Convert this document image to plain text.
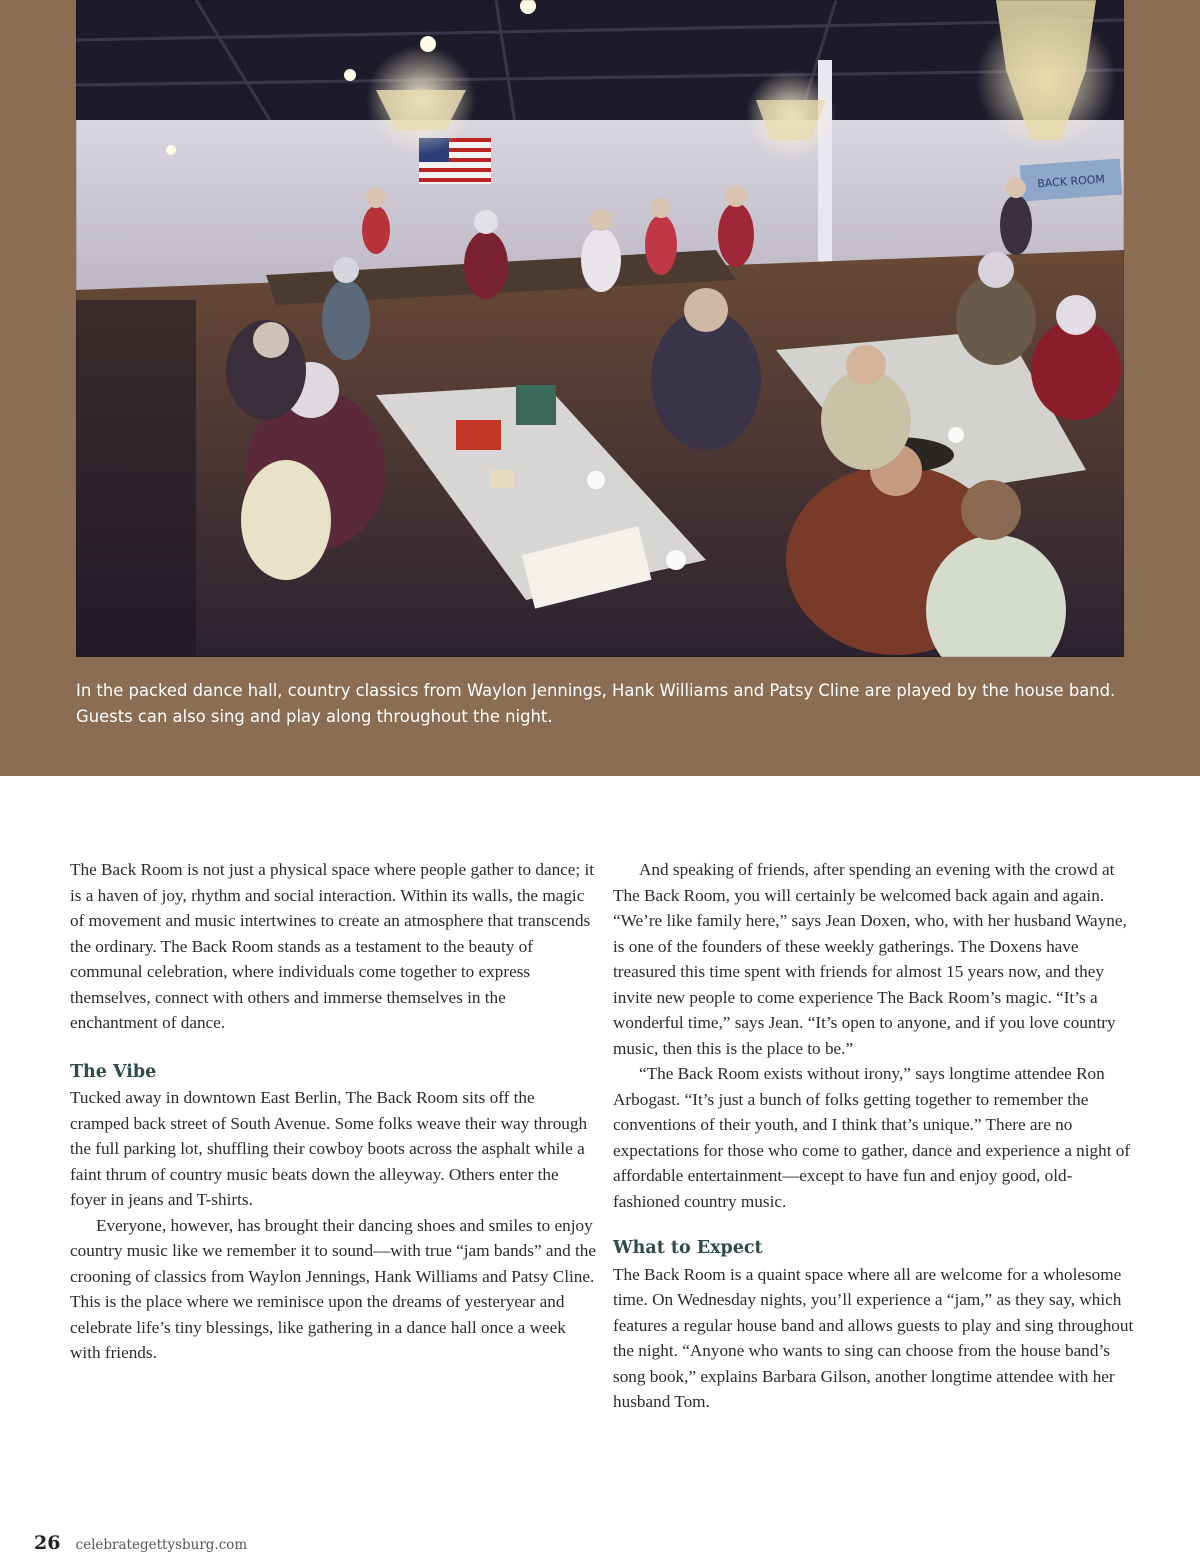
BACK ROOM

In the packed dance hall, country classics from Waylon Jennings, Hank Williams and Patsy Cline are played by the house band. Guests can also sing and play along throughout the night.

The Back Room is not just a physical space where people gather to dance; it is a haven of joy, rhythm and social interaction. Within its walls, the magic of movement and music intertwines to create an atmosphere that transcends the ordinary. The Back Room stands as a testament to the beauty of communal celebration, where individuals come together to express themselves, connect with others and immerse themselves in the enchantment of dance.

The Vibe

Tucked away in downtown East Berlin, The Back Room sits off the cramped back street of South Avenue. Some folks weave their way through the full parking lot, shuffling their cowboy boots across the asphalt while a faint thrum of country music beats down the alleyway. Others enter the foyer in jeans and T-shirts.

Everyone, however, has brought their dancing shoes and smiles to enjoy country music like we remember it to sound—with true “jam bands” and the crooning of classics from Waylon Jennings, Hank Williams and Patsy Cline. This is the place where we reminisce upon the dreams of yesteryear and celebrate life’s tiny blessings, like gathering in a dance hall once a week with friends.

And speaking of friends, after spending an evening with the crowd at The Back Room, you will certainly be welcomed back again and again. “We’re like family here,” says Jean Doxen, who, with her husband Wayne, is one of the founders of these weekly gatherings. The Doxens have treasured this time spent with friends for almost 15 years now, and they invite new people to come experience The Back Room’s magic. “It’s a wonderful time,” says Jean. “It’s open to anyone, and if you love country music, then this is the place to be.”

“The Back Room exists without irony,” says longtime attendee Ron Arbogast. “It’s just a bunch of folks getting together to remember the conventions of their youth, and I think that’s unique.” There are no expectations for those who come to gather, dance and experience a night of affordable entertainment—except to have fun and enjoy good, old-fashioned country music.

What to Expect

The Back Room is a quaint space where all are welcome for a wholesome time. On Wednesday nights, you’ll experience a “jam,” as they say, which features a regular house band and allows guests to play and sing throughout the night. “Anyone who wants to sing can choose from the house band’s song book,” explains Barbara Gilson, another longtime attendee with her husband Tom.

26 celebrategettysburg.com
